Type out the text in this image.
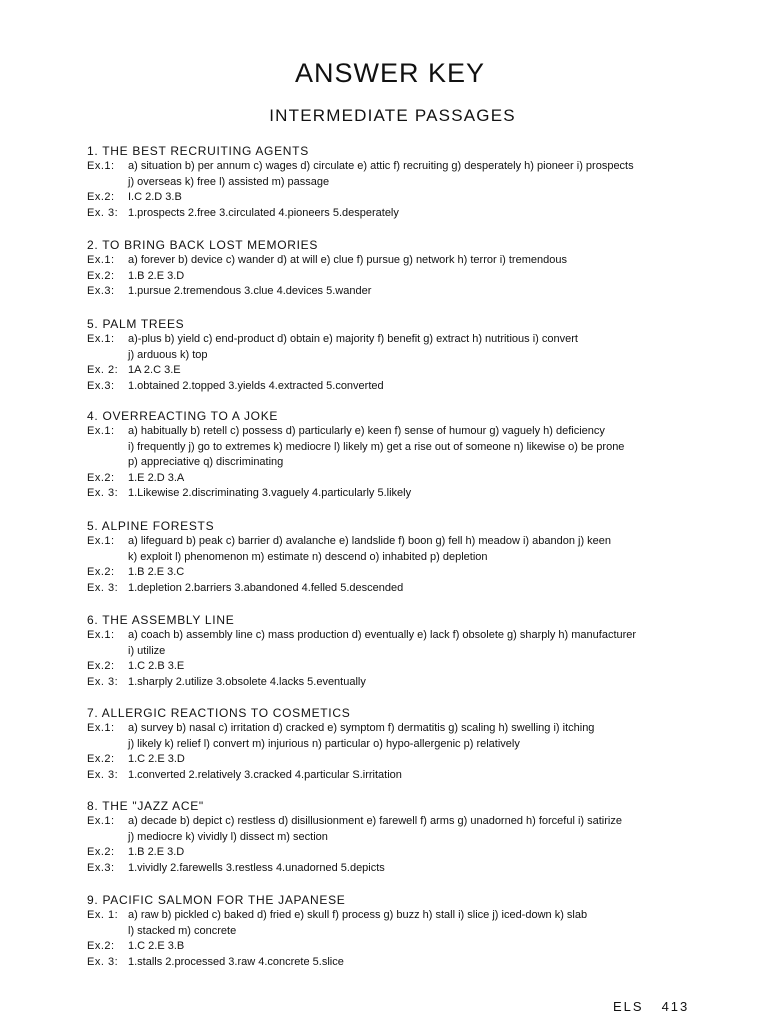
ANSWER KEY
INTERMEDIATE PASSAGES
1. THE BEST RECRUITING AGENTS
Ex.1:	a) situation b) per annum c) wages d) circulate e) attic f) recruiting g) desperately h) pioneer i) prospects
j) overseas k) free l) assisted m) passage
Ex.2:	I.C 2.D 3.B
Ex. 3: 1.prospects 2.free 3.circulated 4.pioneers 5.desperately
2. TO BRING BACK LOST MEMORIES
Ex.1:	a) forever b) device c) wander d) at will e) clue f) pursue g) network h) terror i) tremendous
Ex.2:	1.B 2.E 3.D
Ex.3:	1.pursue 2.tremendous 3.clue 4.devices 5.wander
5. PALM TREES
Ex.1:	a)-plus b) yield c) end-product d) obtain e) majority f) benefit g) extract h) nutritious i) convert
j) arduous k) top
Ex. 2: 1A 2.C 3.E
Ex.3:	1.obtained 2.topped 3.yields 4.extracted 5.converted
4. OVERREACTING TO A JOKE
Ex.1:	a) habitually b) retell c) possess d) particularly e) keen f) sense of humour g) vaguely h) deficiency
i) frequently j) go to extremes k) mediocre l) likely m) get a rise out of someone n) likewise o) be prone
p) appreciative q) discriminating
Ex.2:	1.E 2.D 3.A
Ex. 3: 1.Likewise 2.discriminating 3.vaguely 4.particularly 5.likely
5. ALPINE FORESTS
Ex.1:	a) lifeguard b) peak c) barrier d) avalanche e) landslide f) boon g) fell h) meadow i) abandon j) keen
k) exploit l) phenomenon m) estimate n) descend o) inhabited p) depletion
Ex.2:	1.B 2.E 3.C
Ex. 3: 1.depletion 2.barriers 3.abandoned 4.felled 5.descended
6. THE ASSEMBLY LINE
Ex.1:	a) coach b) assembly line c) mass production d) eventually e) lack f) obsolete g) sharply h) manufacturer
i) utilize
Ex.2:	1.C 2.B 3.E
Ex. 3: 1.sharply 2.utilize 3.obsolete 4.lacks 5.eventually
7. ALLERGIC REACTIONS TO COSMETICS
Ex.1:	a) survey b) nasal c) irritation d) cracked e) symptom f) dermatitis g) scaling h) swelling i) itching
j) likely k) relief l) convert m) injurious n) particular o) hypo-allergenic p) relatively
Ex.2:	1.C 2.E 3.D
Ex. 3: 1.converted 2.relatively 3.cracked 4.particular S.irritation
8. THE "JAZZ ACE"
Ex.1:	a) decade b) depict c) restless d) disillusionment e) farewell f) arms g) unadorned h) forceful i) satirize
j) mediocre k) vividly l) dissect m) section
Ex.2:	1.B 2.E 3.D
Ex.3:	1.vividly 2.farewells 3.restless 4.unadorned 5.depicts
9. PACIFIC SALMON FOR THE JAPANESE
Ex. 1: a) raw b) pickled c) baked d) fried e) skull f) process g) buzz h) stall i) slice j) iced-down k) slab
l) stacked m) concrete
Ex.2:	1.C 2.E 3.B
Ex. 3: 1.stalls 2.processed 3.raw 4.concrete 5.slice
ELS 413
